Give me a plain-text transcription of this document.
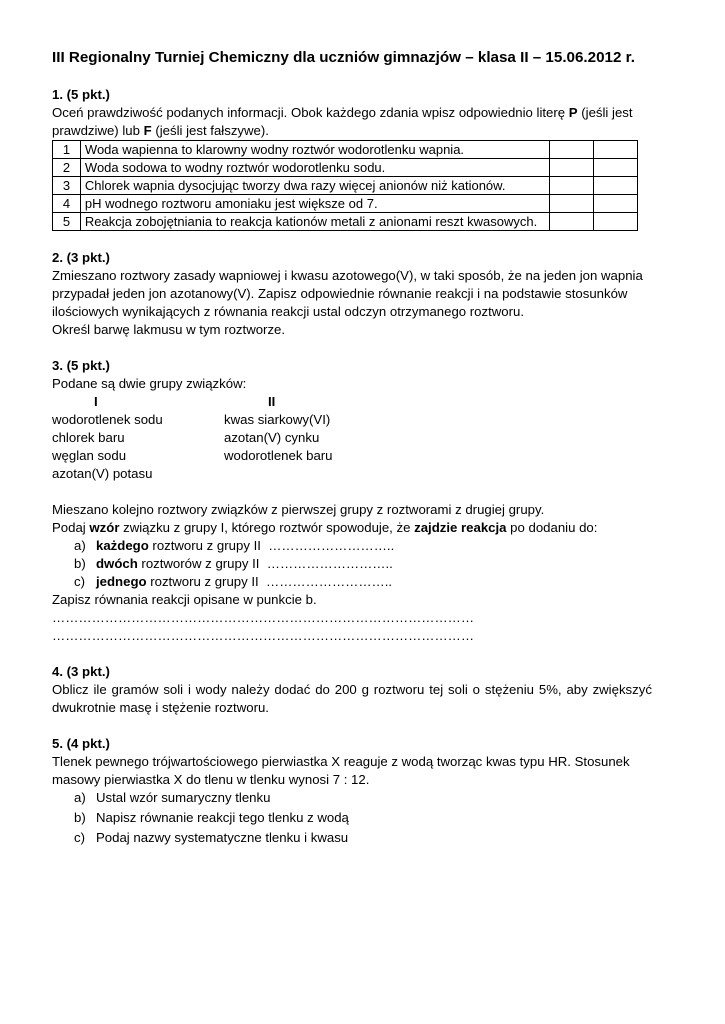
III Regionalny Turniej Chemiczny dla uczniów gimnazjów – klasa II – 15.06.2012 r.

1. (5 pkt.)

Oceń prawdziwość podanych informacji. Obok każdego zdania wpisz odpowiednio literę P (jeśli jest prawdziwe) lub F (jeśli jest fałszywe).

1	Woda wapienna to klarowny wodny roztwór wodorotlenku wapnia.		
2	Woda sodowa to wodny roztwór wodorotlenku sodu.		
3	Chlorek wapnia dysocjując tworzy dwa razy więcej anionów niż kationów.		
4	pH wodnego roztworu amoniaku jest większe od 7.		
5	Reakcja zobojętniania to reakcja kationów metali z anionami reszt kwasowych.		

2. (3 pkt.)

Zmieszano roztwory zasady wapniowej i kwasu azotowego(V), w taki sposób, że na jeden jon wapnia

przypadał jeden jon azotanowy(V). Zapisz odpowiednie równanie reakcji i na podstawie stosunków

ilościowych wynikających z równania reakcji ustal odczyn otrzymanego roztworu.

Określ barwę lakmusu w tym roztworze.

3. (5 pkt.)

Podane są dwie grupy związków:

I	II
wodorotlenek sodu	kwas siarkowy(VI)
chlorek baru	azotan(V) cynku
węglan sodu	wodorotlenek baru
azotan(V) potasu

Mieszano kolejno roztwory związków z pierwszej grupy z roztworami z drugiej grupy.

Podaj wzór związku z grupy I, którego roztwór spowoduje, że zajdzie reakcja po dodaniu do:

a) każdego roztworu z grupy II ………………………..
b) dwóch roztworów z grupy II ………………………..
c) jednego roztworu z grupy II ………………………..

Zapisz równania reakcji opisane w punkcie b.

……………………………………………………………………………………

……………………………………………………………………………………

4. (3 pkt.)

Oblicz ile gramów soli i wody należy dodać do 200 g roztworu tej soli o stężeniu 5%, aby zwiększyć

dwukrotnie masę i stężenie roztworu.

5. (4 pkt.)

Tlenek pewnego trójwartościowego pierwiastka X reaguje z wodą tworząc kwas typu HR. Stosunek

masowy pierwiastka X do tlenu w tlenku wynosi 7 : 12.

a) Ustal wzór sumaryczny tlenku
b) Napisz równanie reakcji tego tlenku z wodą
c) Podaj nazwy systematyczne tlenku i kwasu
